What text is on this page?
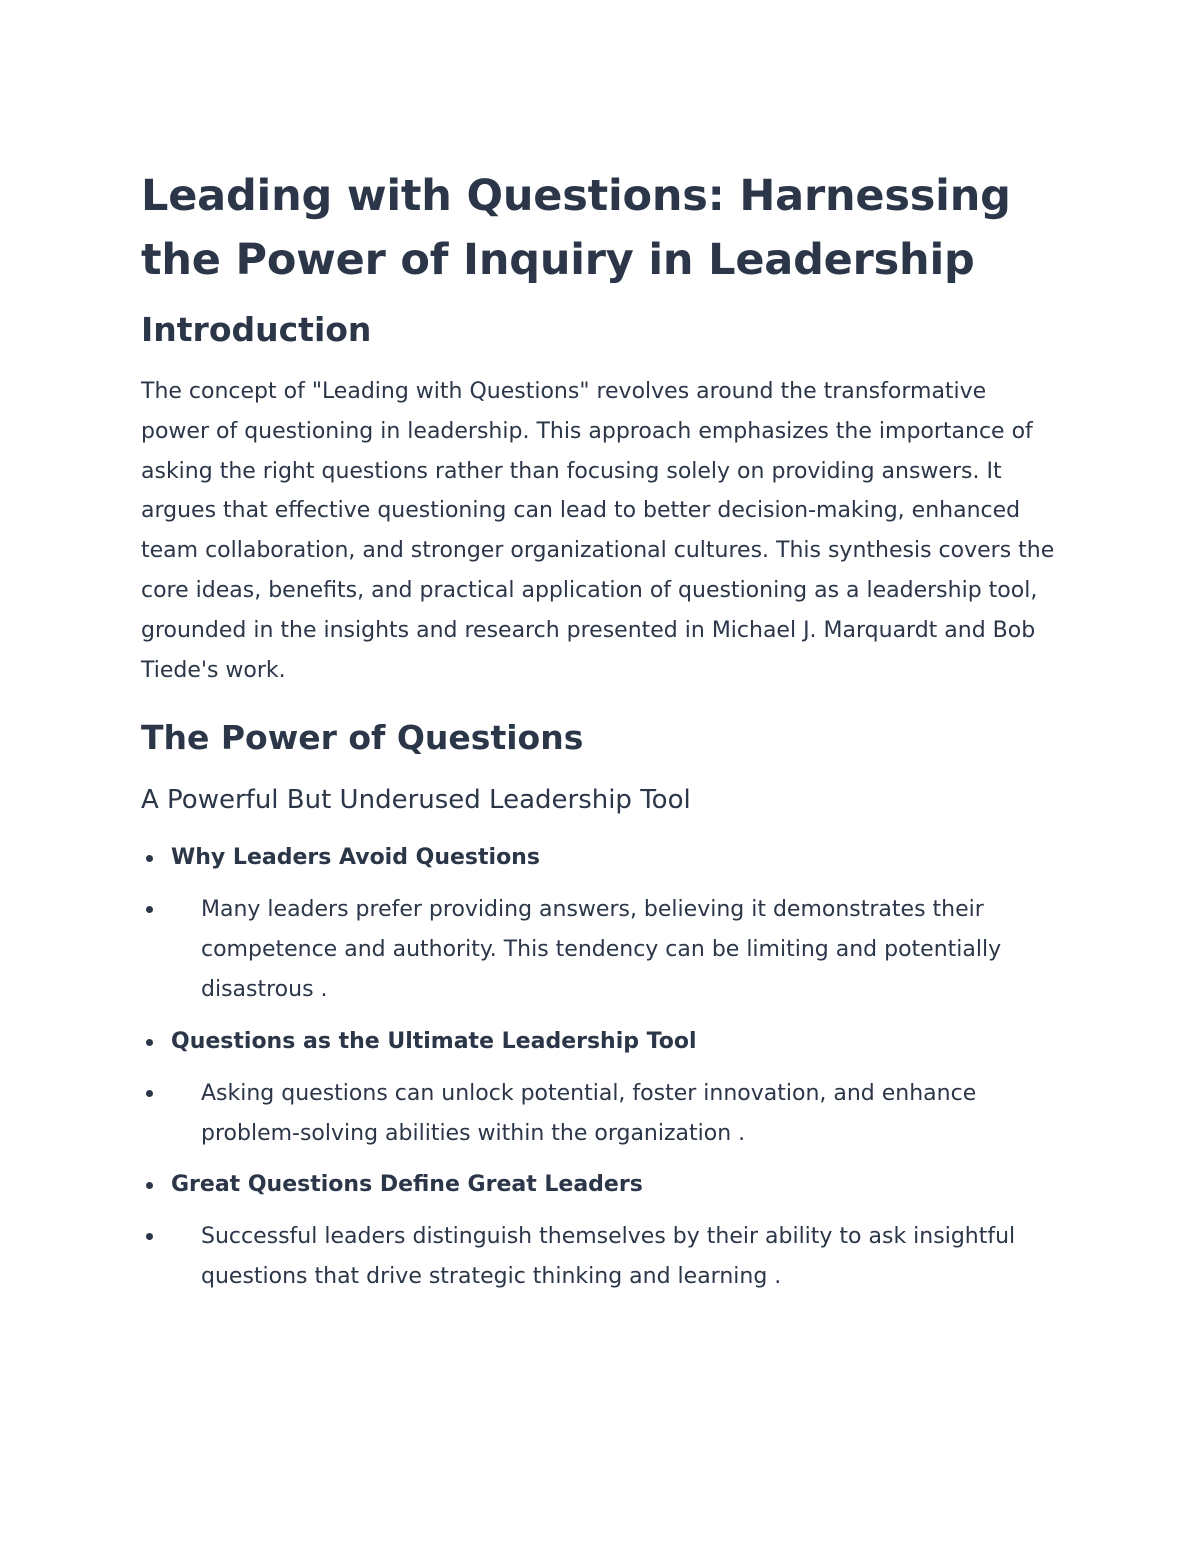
Leading with Questions: Harnessing the Power of Inquiry in Leadership
Introduction

The concept of "Leading with Questions" revolves around the transformative power of questioning in leadership. This approach emphasizes the importance of asking the right questions rather than focusing solely on providing answers. It argues that effective questioning can lead to better decision-making, enhanced team collaboration, and stronger organizational cultures. This synthesis covers the core ideas, benefits, and practical application of questioning as a leadership tool, grounded in the insights and research presented in Michael J. Marquardt and Bob Tiede's work.

The Power of Questions
A Powerful But Underused Leadership Tool
Why Leaders Avoid Questions
Many leaders prefer providing answers, believing it demonstrates their competence and authority. This tendency can be limiting and potentially disastrous .
Questions as the Ultimate Leadership Tool
Asking questions can unlock potential, foster innovation, and enhance problem-solving abilities within the organization .
Great Questions Define Great Leaders
Successful leaders distinguish themselves by their ability to ask insightful questions that drive strategic thinking and learning .
